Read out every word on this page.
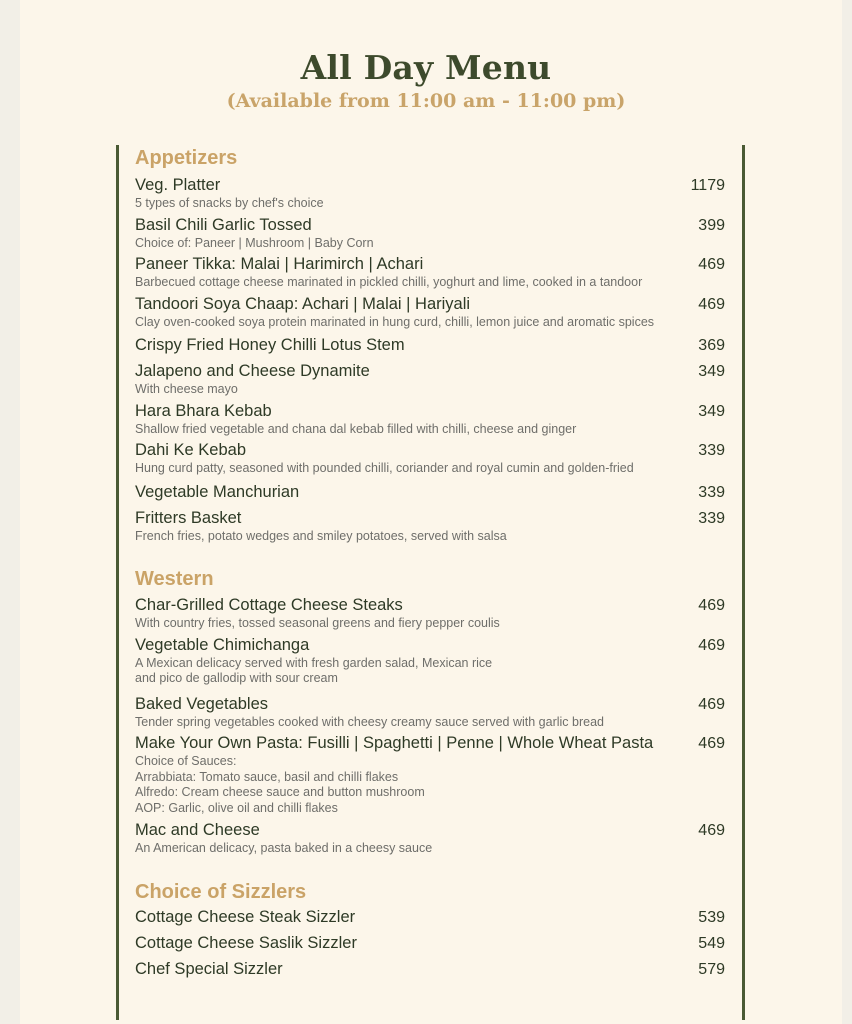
All Day Menu
(Available from 11:00 am - 11:00 pm)
Appetizers
Veg. Platter	1179
5 types of snacks by chef's choice
Basil Chili Garlic Tossed	399
Choice of: Paneer | Mushroom | Baby Corn
Paneer Tikka: Malai | Harimirch | Achari	469
Barbecued cottage cheese marinated in pickled chilli, yoghurt and lime, cooked in a tandoor
Tandoori Soya Chaap: Achari | Malai | Hariyali	469
Clay oven-cooked soya protein marinated in hung curd, chilli, lemon juice and aromatic spices
Crispy Fried Honey Chilli Lotus Stem	369
Jalapeno and Cheese Dynamite	349
With cheese mayo
Hara Bhara Kebab	349
Shallow fried vegetable and chana dal kebab filled with chilli, cheese and ginger
Dahi Ke Kebab	339
Hung curd patty, seasoned with pounded chilli, coriander and royal cumin and golden-fried
Vegetable Manchurian	339
Fritters Basket	339
French fries, potato wedges and smiley potatoes, served with salsa
Western
Char-Grilled Cottage Cheese Steaks	469
With country fries, tossed seasonal greens and fiery pepper coulis
Vegetable Chimichanga	469
A Mexican delicacy served with fresh garden salad, Mexican rice
and pico de gallodip with sour cream
Baked Vegetables	469
Tender spring vegetables cooked with cheesy creamy sauce served with garlic bread
Make Your Own Pasta: Fusilli | Spaghetti | Penne | Whole Wheat Pasta	469
Choice of Sauces:
Arrabbiata: Tomato sauce, basil and chilli flakes
Alfredo: Cream cheese sauce and button mushroom
AOP: Garlic, olive oil and chilli flakes
Mac and Cheese	469
An American delicacy, pasta baked in a cheesy sauce
Choice of Sizzlers
Cottage Cheese Steak Sizzler	539
Cottage Cheese Saslik Sizzler	549
Chef Special Sizzler	579
